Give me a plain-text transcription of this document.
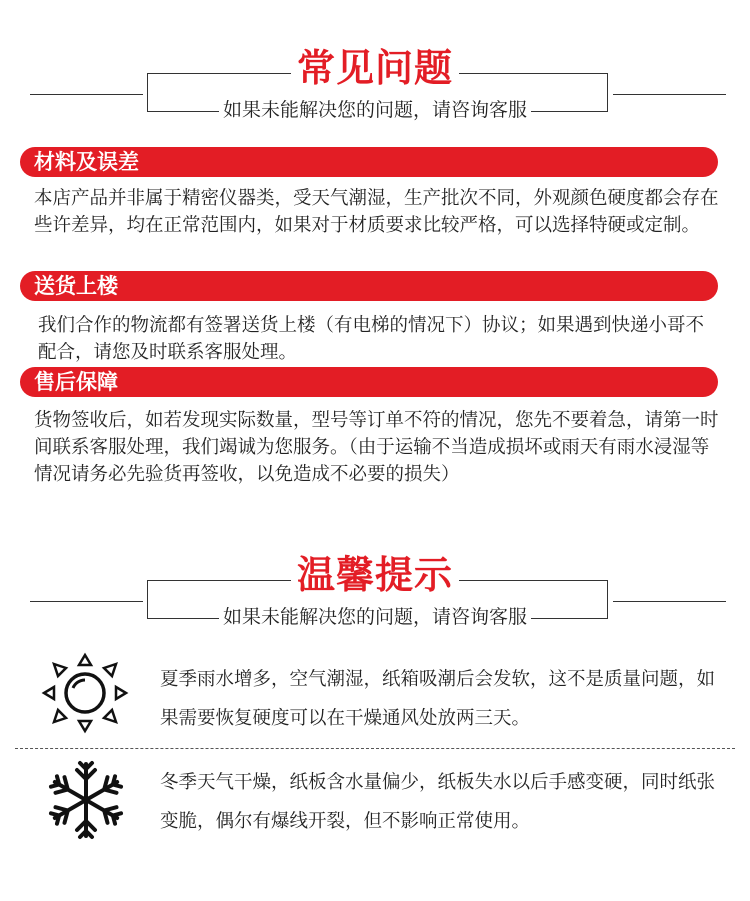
常见问题
如果未能解决您的问题，请咨询客服
材料及误差
本店产品并非属于精密仪器类，受天气潮湿，生产批次不同，外观颜色硬度都会存在些许差异，均在正常范围内，如果对于材质要求比较严格，可以选择特硬或定制。
送货上楼
我们合作的物流都有签署送货上楼（有电梯的情况下）协议；如果遇到快递小哥不配合，请您及时联系客服处理。
售后保障
货物签收后，如若发现实际数量，型号等订单不符的情况，您先不要着急，请第一时间联系客服处理，我们竭诚为您服务。（由于运输不当造成损坏或雨天有雨水浸湿等情况请务必先验货再签收，以免造成不必要的损失）
温馨提示
如果未能解决您的问题，请咨询客服
夏季雨水增多，空气潮湿，纸箱吸潮后会发软，这不是质量问题，如果需要恢复硬度可以在干燥通风处放两三天。
冬季天气干燥，纸板含水量偏少，纸板失水以后手感变硬，同时纸张变脆，偶尔有爆线开裂，但不影响正常使用。
